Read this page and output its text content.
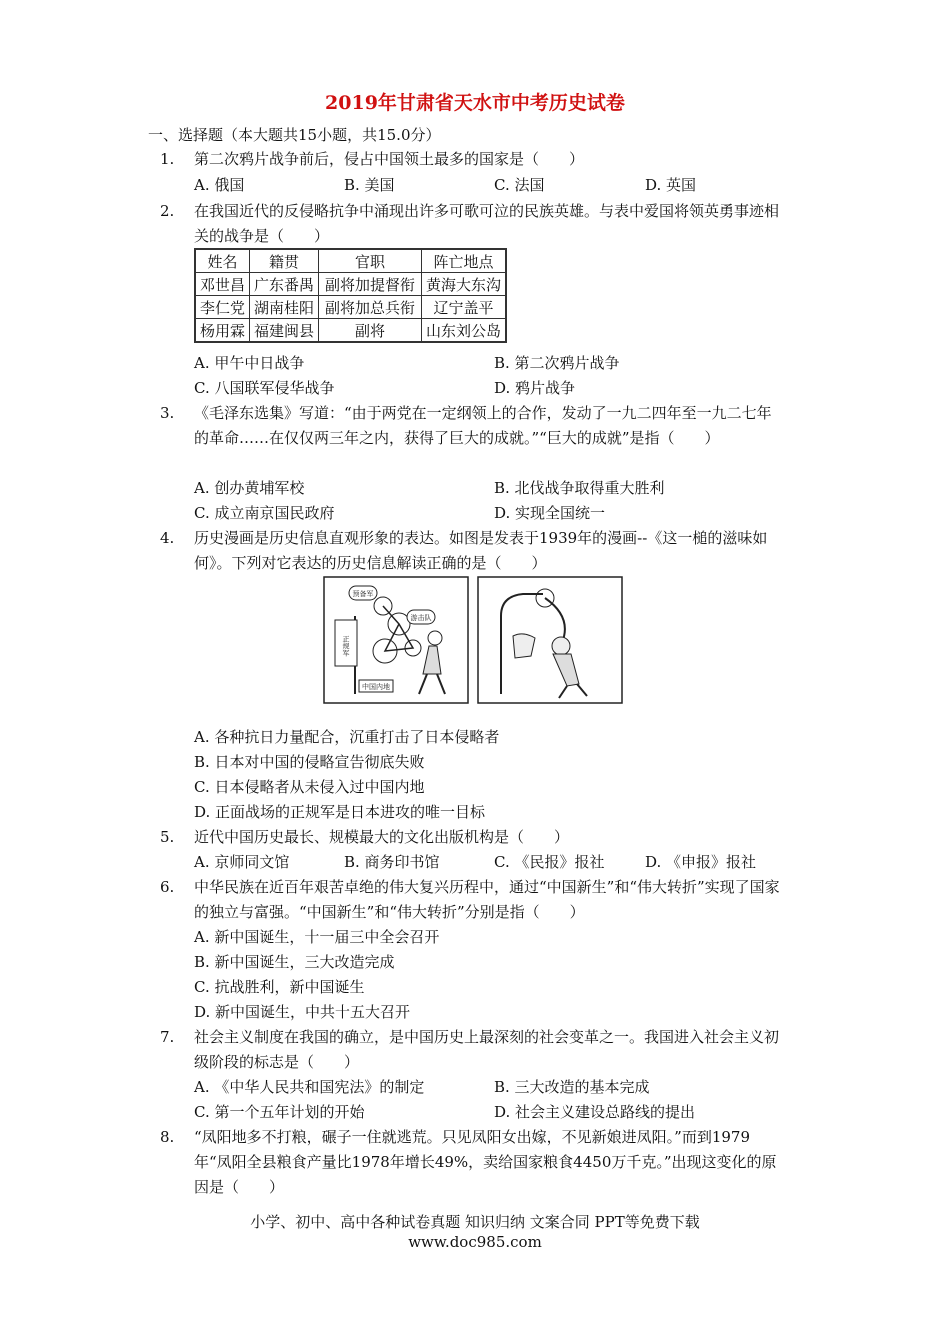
2019年甘肃省天水市中考历史试卷
一、选择题（本大题共15小题，共15.0分）
1. 第二次鸦片战争前后，侵占中国领土最多的国家是（　　）
A. 俄国	B. 美国	C. 法国	D. 英国
2. 在我国近代的反侵略抗争中涌现出许多可歌可泣的民族英雄。与表中爱国将领英勇事迹相关的战争是（　　）
姓名	籍贯	官职	阵亡地点
邓世昌	广东番禺	副将加提督衔	黄海大东沟
李仁党	湖南桂阳	副将加总兵衔	辽宁盖平
杨用霖	福建闽县	副将	山东刘公岛
A. 甲午中日战争	B. 第二次鸦片战争
C. 八国联军侵华战争	D. 鸦片战争
3. 《毛泽东选集》写道：“由于两党在一定纲领上的合作，发动了一九二四年至一九二七年的革命……在仅仅两三年之内，获得了巨大的成就。”“巨大的成就”是指（　　）
A. 创办黄埔军校	B. 北伐战争取得重大胜利
C. 成立南京国民政府	D. 实现全国统一
4. 历史漫画是历史信息直观形象的表达。如图是发表于1939年的漫画--《这一槌的滋味如何》。下列对它表达的历史信息解读正确的是（　　）
正规军
预备军
游击队
中国内地
A. 各种抗日力量配合，沉重打击了日本侵略者
B. 日本对中国的侵略宣告彻底失败
C. 日本侵略者从未侵入过中国内地
D. 正面战场的正规军是日本进攻的唯一目标
5. 近代中国历史最长、规模最大的文化出版机构是（　　）
A. 京师同文馆	B. 商务印书馆	C. 《民报》报社	D. 《申报》报社
6. 中华民族在近百年艰苦卓绝的伟大复兴历程中，通过“中国新生”和“伟大转折”实现了国家的独立与富强。“中国新生”和“伟大转折”分别是指（　　）
A. 新中国诞生，十一届三中全会召开
B. 新中国诞生，三大改造完成
C. 抗战胜利，新中国诞生
D. 新中国诞生，中共十五大召开
7. 社会主义制度在我国的确立，是中国历史上最深刻的社会变革之一。我国进入社会主义初级阶段的标志是（　　）
A. 《中华人民共和国宪法》的制定	B. 三大改造的基本完成
C. 第一个五年计划的开始	D. 社会主义建设总路线的提出
8. “凤阳地多不打粮，碾子一住就逃荒。只见凤阳女出嫁，不见新娘进凤阳。”而到1979年“凤阳全县粮食产量比1978年增长49%，卖给国家粮食4450万千克。”出现这变化的原因是（　　）
小学、初中、高中各种试卷真题 知识归纳 文案合同 PPT等免费下载
www.doc985.com
